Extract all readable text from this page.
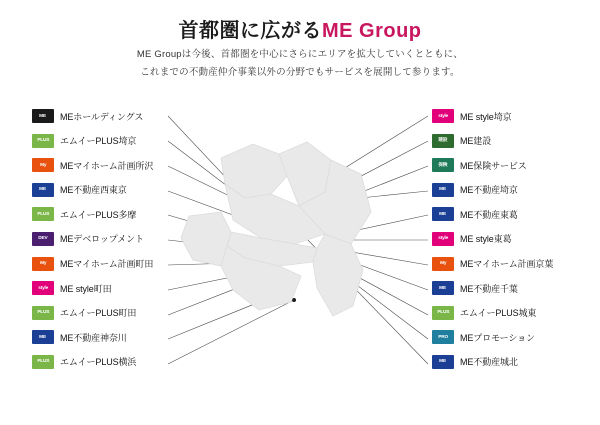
首都圏に広がるME Group
ME Groupは今後、首都圏を中心にさらにエリアを拡大していくとともに、
これまでの不動産仲介事業以外の分野でもサービスを展開して参ります。
ME MEホールディングス
PLUS エムイーPLUS埼京
My MEマイホーム計画所沢
ME ME不動産西東京
PLUS エムイーPLUS多摩
DEV MEデベロップメント
My MEマイホーム計画町田
style ME style町田
PLUS エムイーPLUS町田
ME ME不動産神奈川
PLUS エムイーPLUS横浜
style ME style埼京
建設 ME建設
保険 ME保険サービス
ME ME不動産埼京
ME ME不動産東葛
style ME style東葛
My MEマイホーム計画京葉
ME ME不動産千葉
PLUS エムイーPLUS城東
PRO MEプロモーション
ME ME不動産城北
